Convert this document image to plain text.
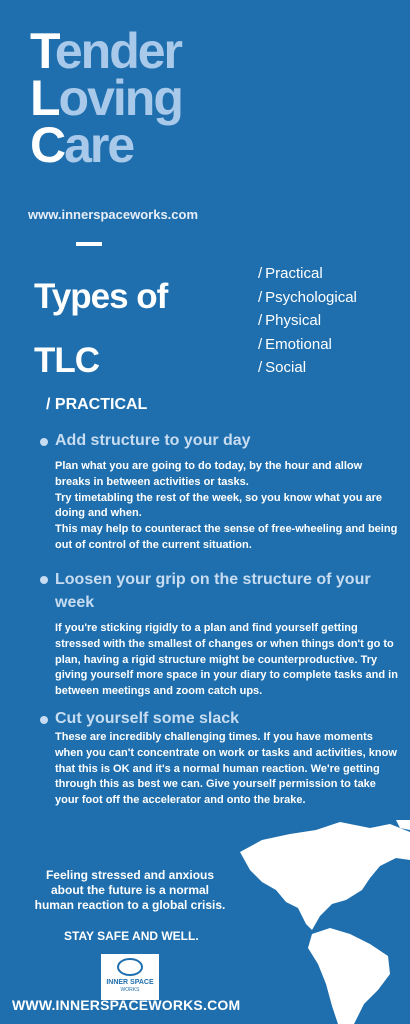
Tender
Loving
Care
www.innerspaceworks.com
Types of
TLC
/ Practical
/ Psychological
/ Physical
/ Emotional
/ Social
/ PRACTICAL
Add structure to your day
Plan what you are going to do today, by the hour and allow breaks in between activities or tasks.
Try timetabling the rest of the week, so you know what you are doing and when.
This may help to counteract the sense of free-wheeling and being out of control of the current situation.
Loosen your grip on the structure of your week
If you're sticking rigidly to a plan and find yourself getting stressed with the smallest of changes or when things don't go to plan, having a rigid structure might be counterproductive. Try giving yourself more space in your diary to complete tasks and in between meetings and zoom catch ups.
Cut yourself some slack
These are incredibly challenging times. If you have moments when you can't concentrate on work or tasks and activities, know that this is OK and it's a normal human reaction. We're getting through this as best we can. Give yourself permission to take your foot off the accelerator and onto the brake.
Feeling stressed and anxious about the future is a normal human reaction to a global crisis.
STAY SAFE AND WELL.
INNER SPACE
WORKS
WWW.INNERSPACEWORKS.COM
